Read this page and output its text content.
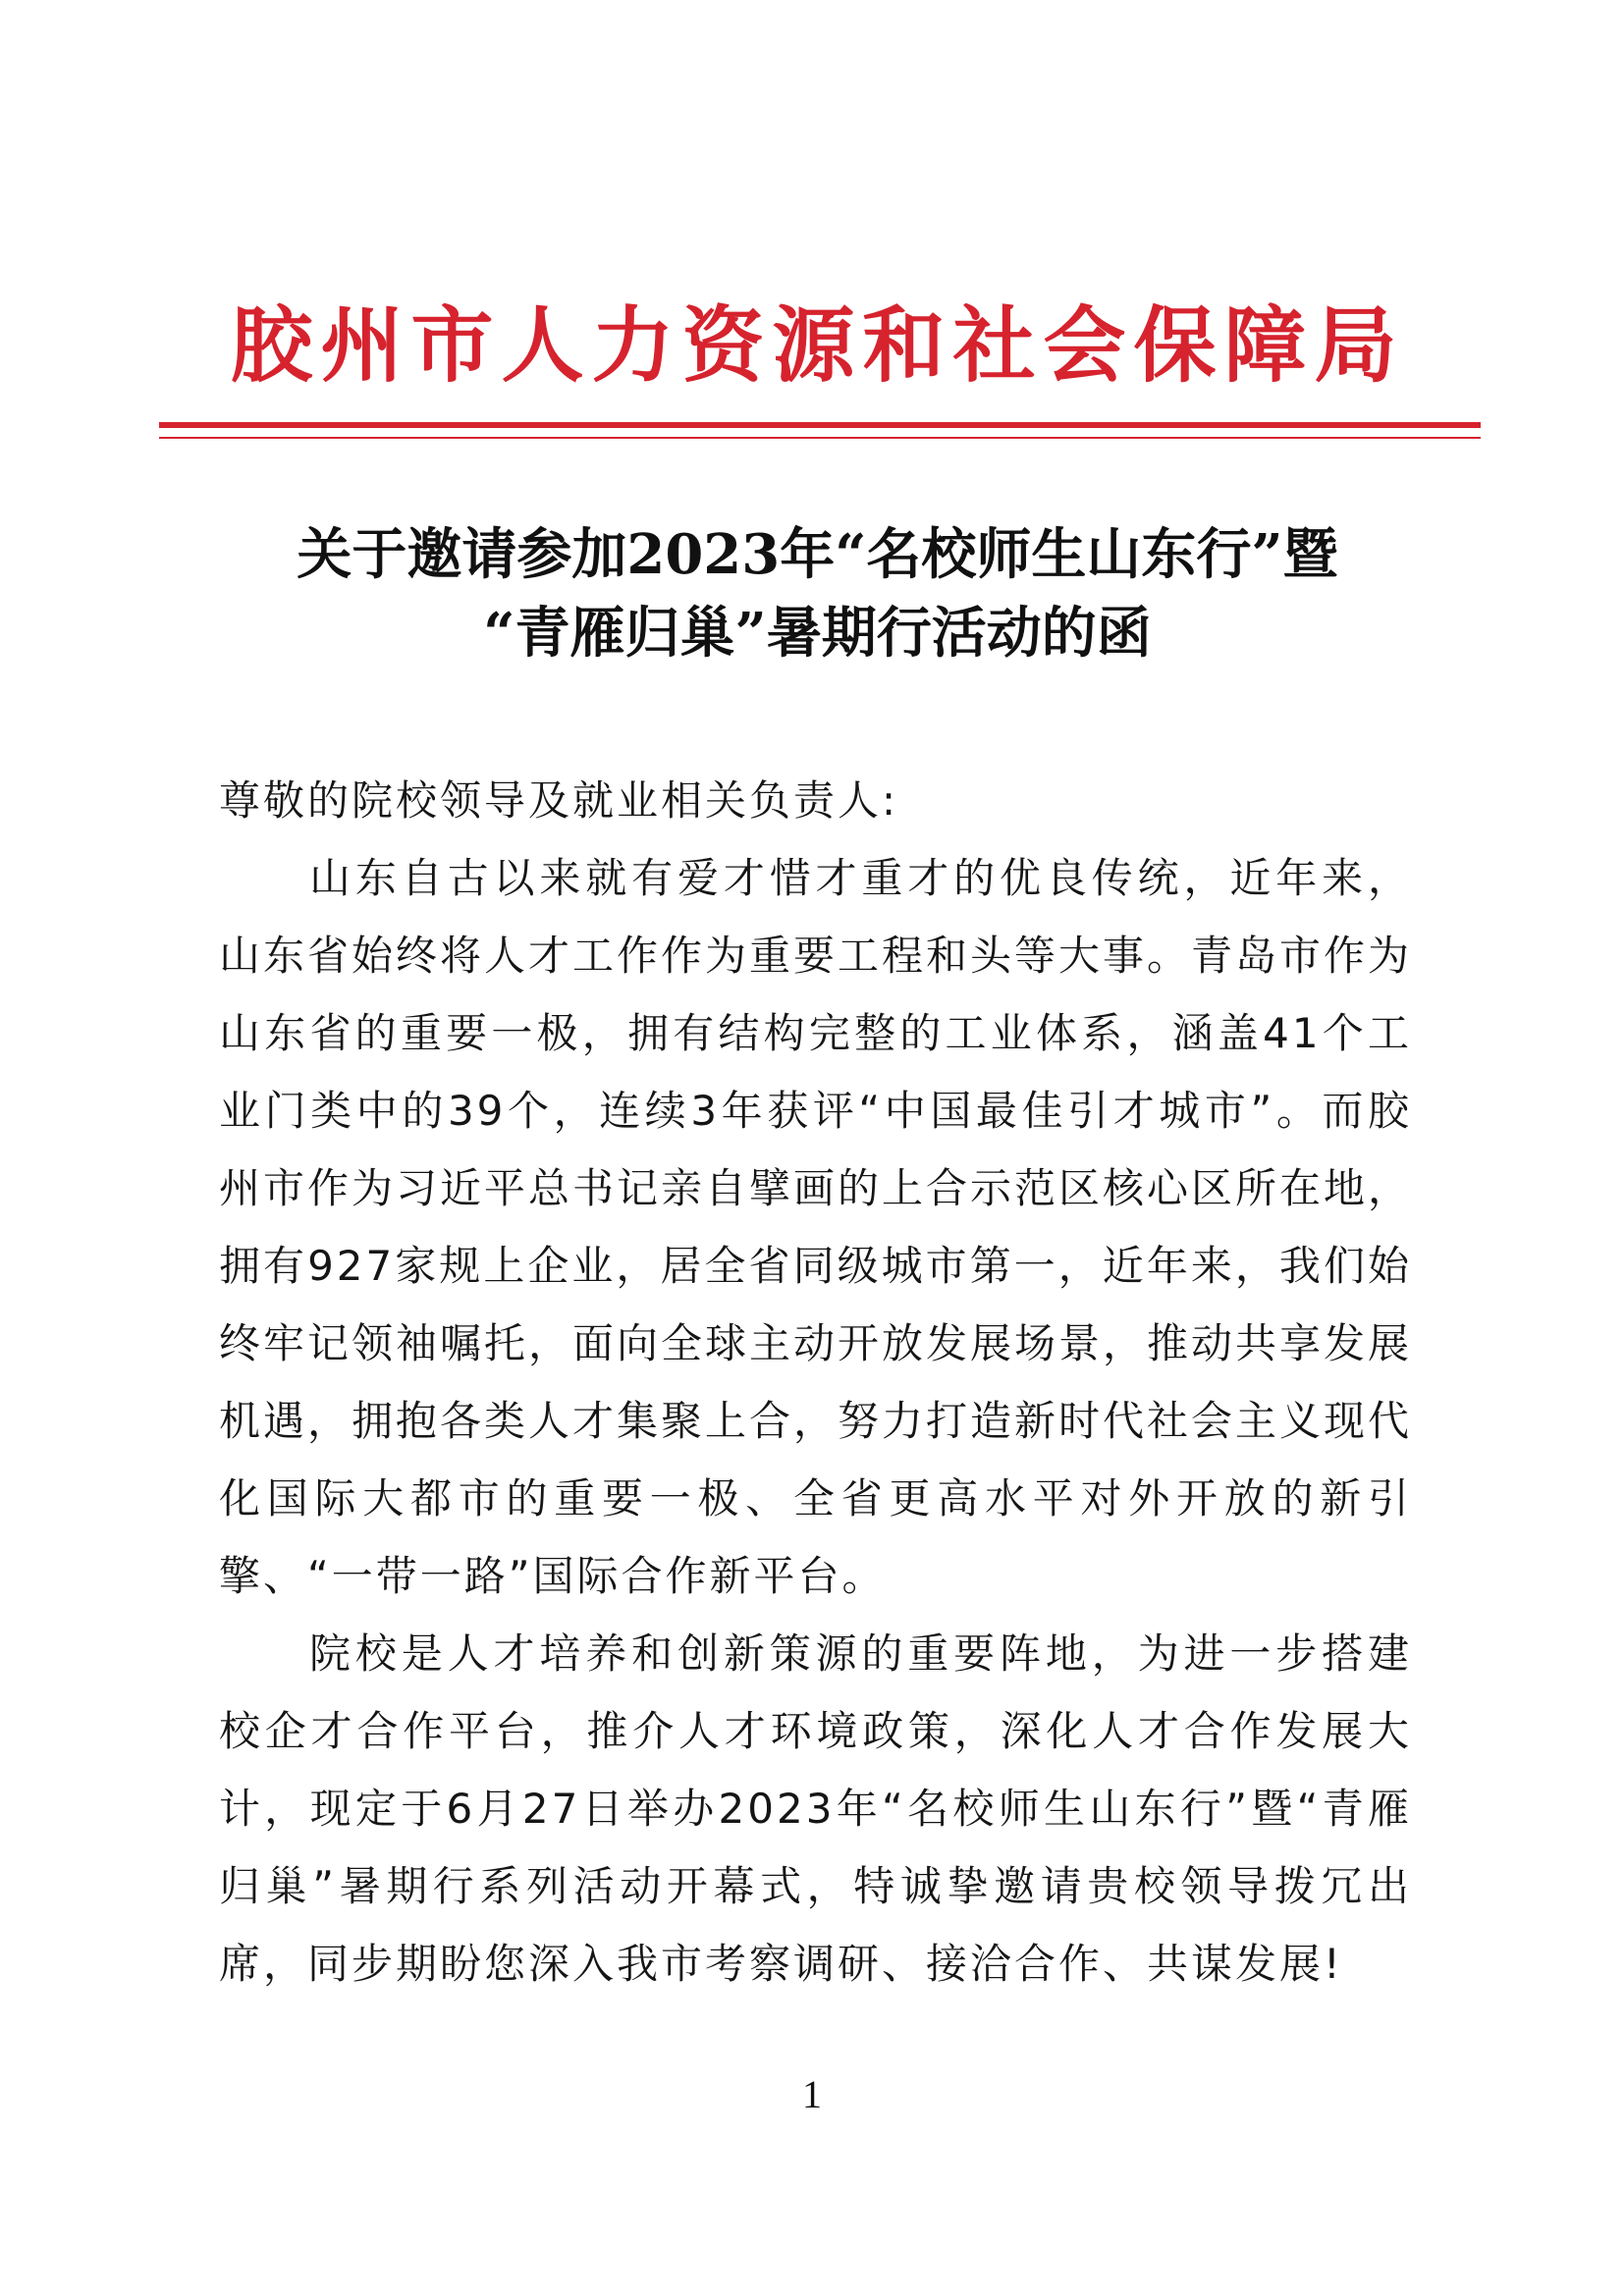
胶州市人力资源和社会保障局
关于邀请参加2023年“名校师生山东行”暨
“青雁归巢”暑期行活动的函

尊敬的院校领导及就业相关负责人:

山东自古以来就有爱才惜才重才的优良传统，近年来，山东省始终将人才工作作为重要工程和头等大事。青岛市作为山东省的重要一极，拥有结构完整的工业体系，涵盖41个工业门类中的39个，连续3年获评“中国最佳引才城市”。而胶州市作为习近平总书记亲自擘画的上合示范区核心区所在地，拥有927家规上企业，居全省同级城市第一，近年来，我们始终牢记领袖嘱托，面向全球主动开放发展场景，推动共享发展机遇，拥抱各类人才集聚上合，努力打造新时代社会主义现代化国际大都市的重要一极、全省更高水平对外开放的新引擎、“一带一路”国际合作新平台。

院校是人才培养和创新策源的重要阵地，为进一步搭建校企才合作平台，推介人才环境政策，深化人才合作发展大计，现定于6月27日举办2023年“名校师生山东行”暨“青雁归巢”暑期行系列活动开幕式，特诚挚邀请贵校领导拨冗出席，同步期盼您深入我市考察调研、接洽合作、共谋发展!

1
